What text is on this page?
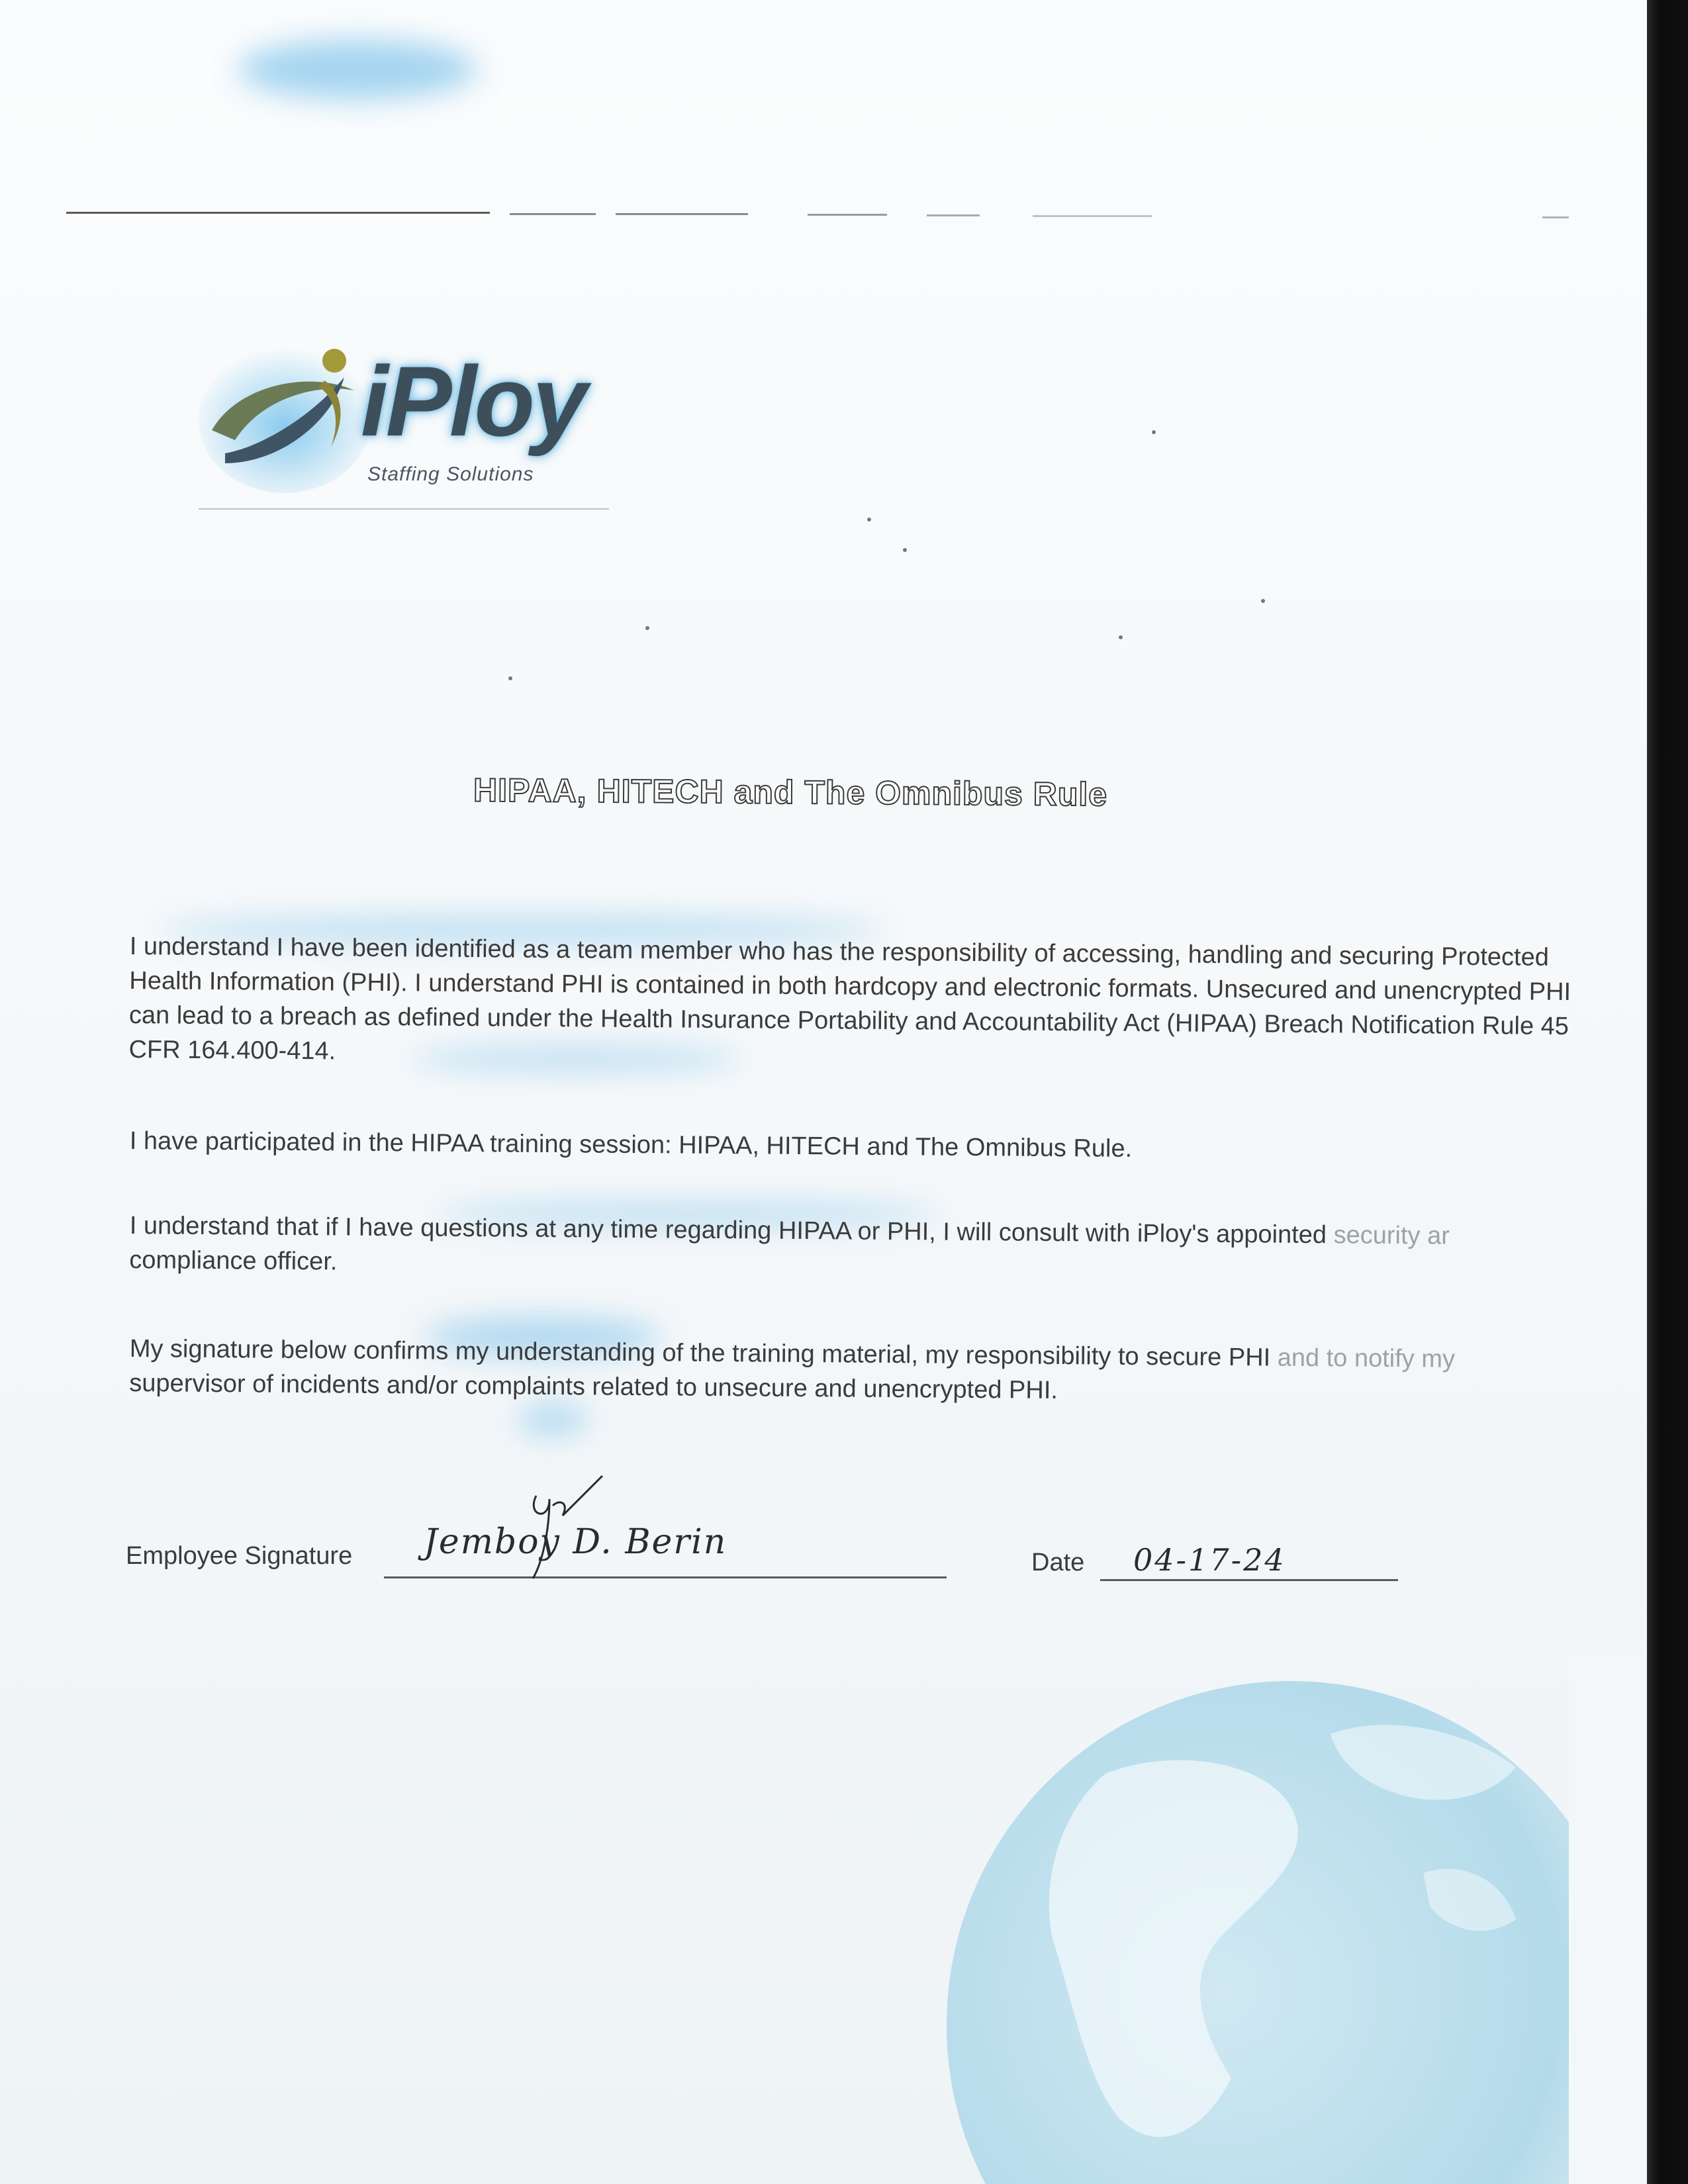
iPloy
Staffing Solutions
HIPAA, HITECH and The Omnibus Rule

I understand I have been identified as a team member who has the responsibility of accessing, handling and securing Protected Health Information (PHI). I understand PHI is contained in both hardcopy and electronic formats. Unsecured and unencrypted PHI can lead to a breach as defined under the Health Insurance Portability and Accountability Act (HIPAA) Breach Notification Rule 45 CFR 164.400-414.

I have participated in the HIPAA training session: HIPAA, HITECH and The Omnibus Rule.

I understand that if I have questions at any time regarding HIPAA or PHI, I will consult with iPloy's appointed security ar
compliance officer.

My signature below confirms my understanding of the training material, my responsibility to secure PHI and to notify my
supervisor of incidents and/or complaints related to unsecure and unencrypted PHI.

Employee Signature Jemboy D. Berin
Date 04-17-24
